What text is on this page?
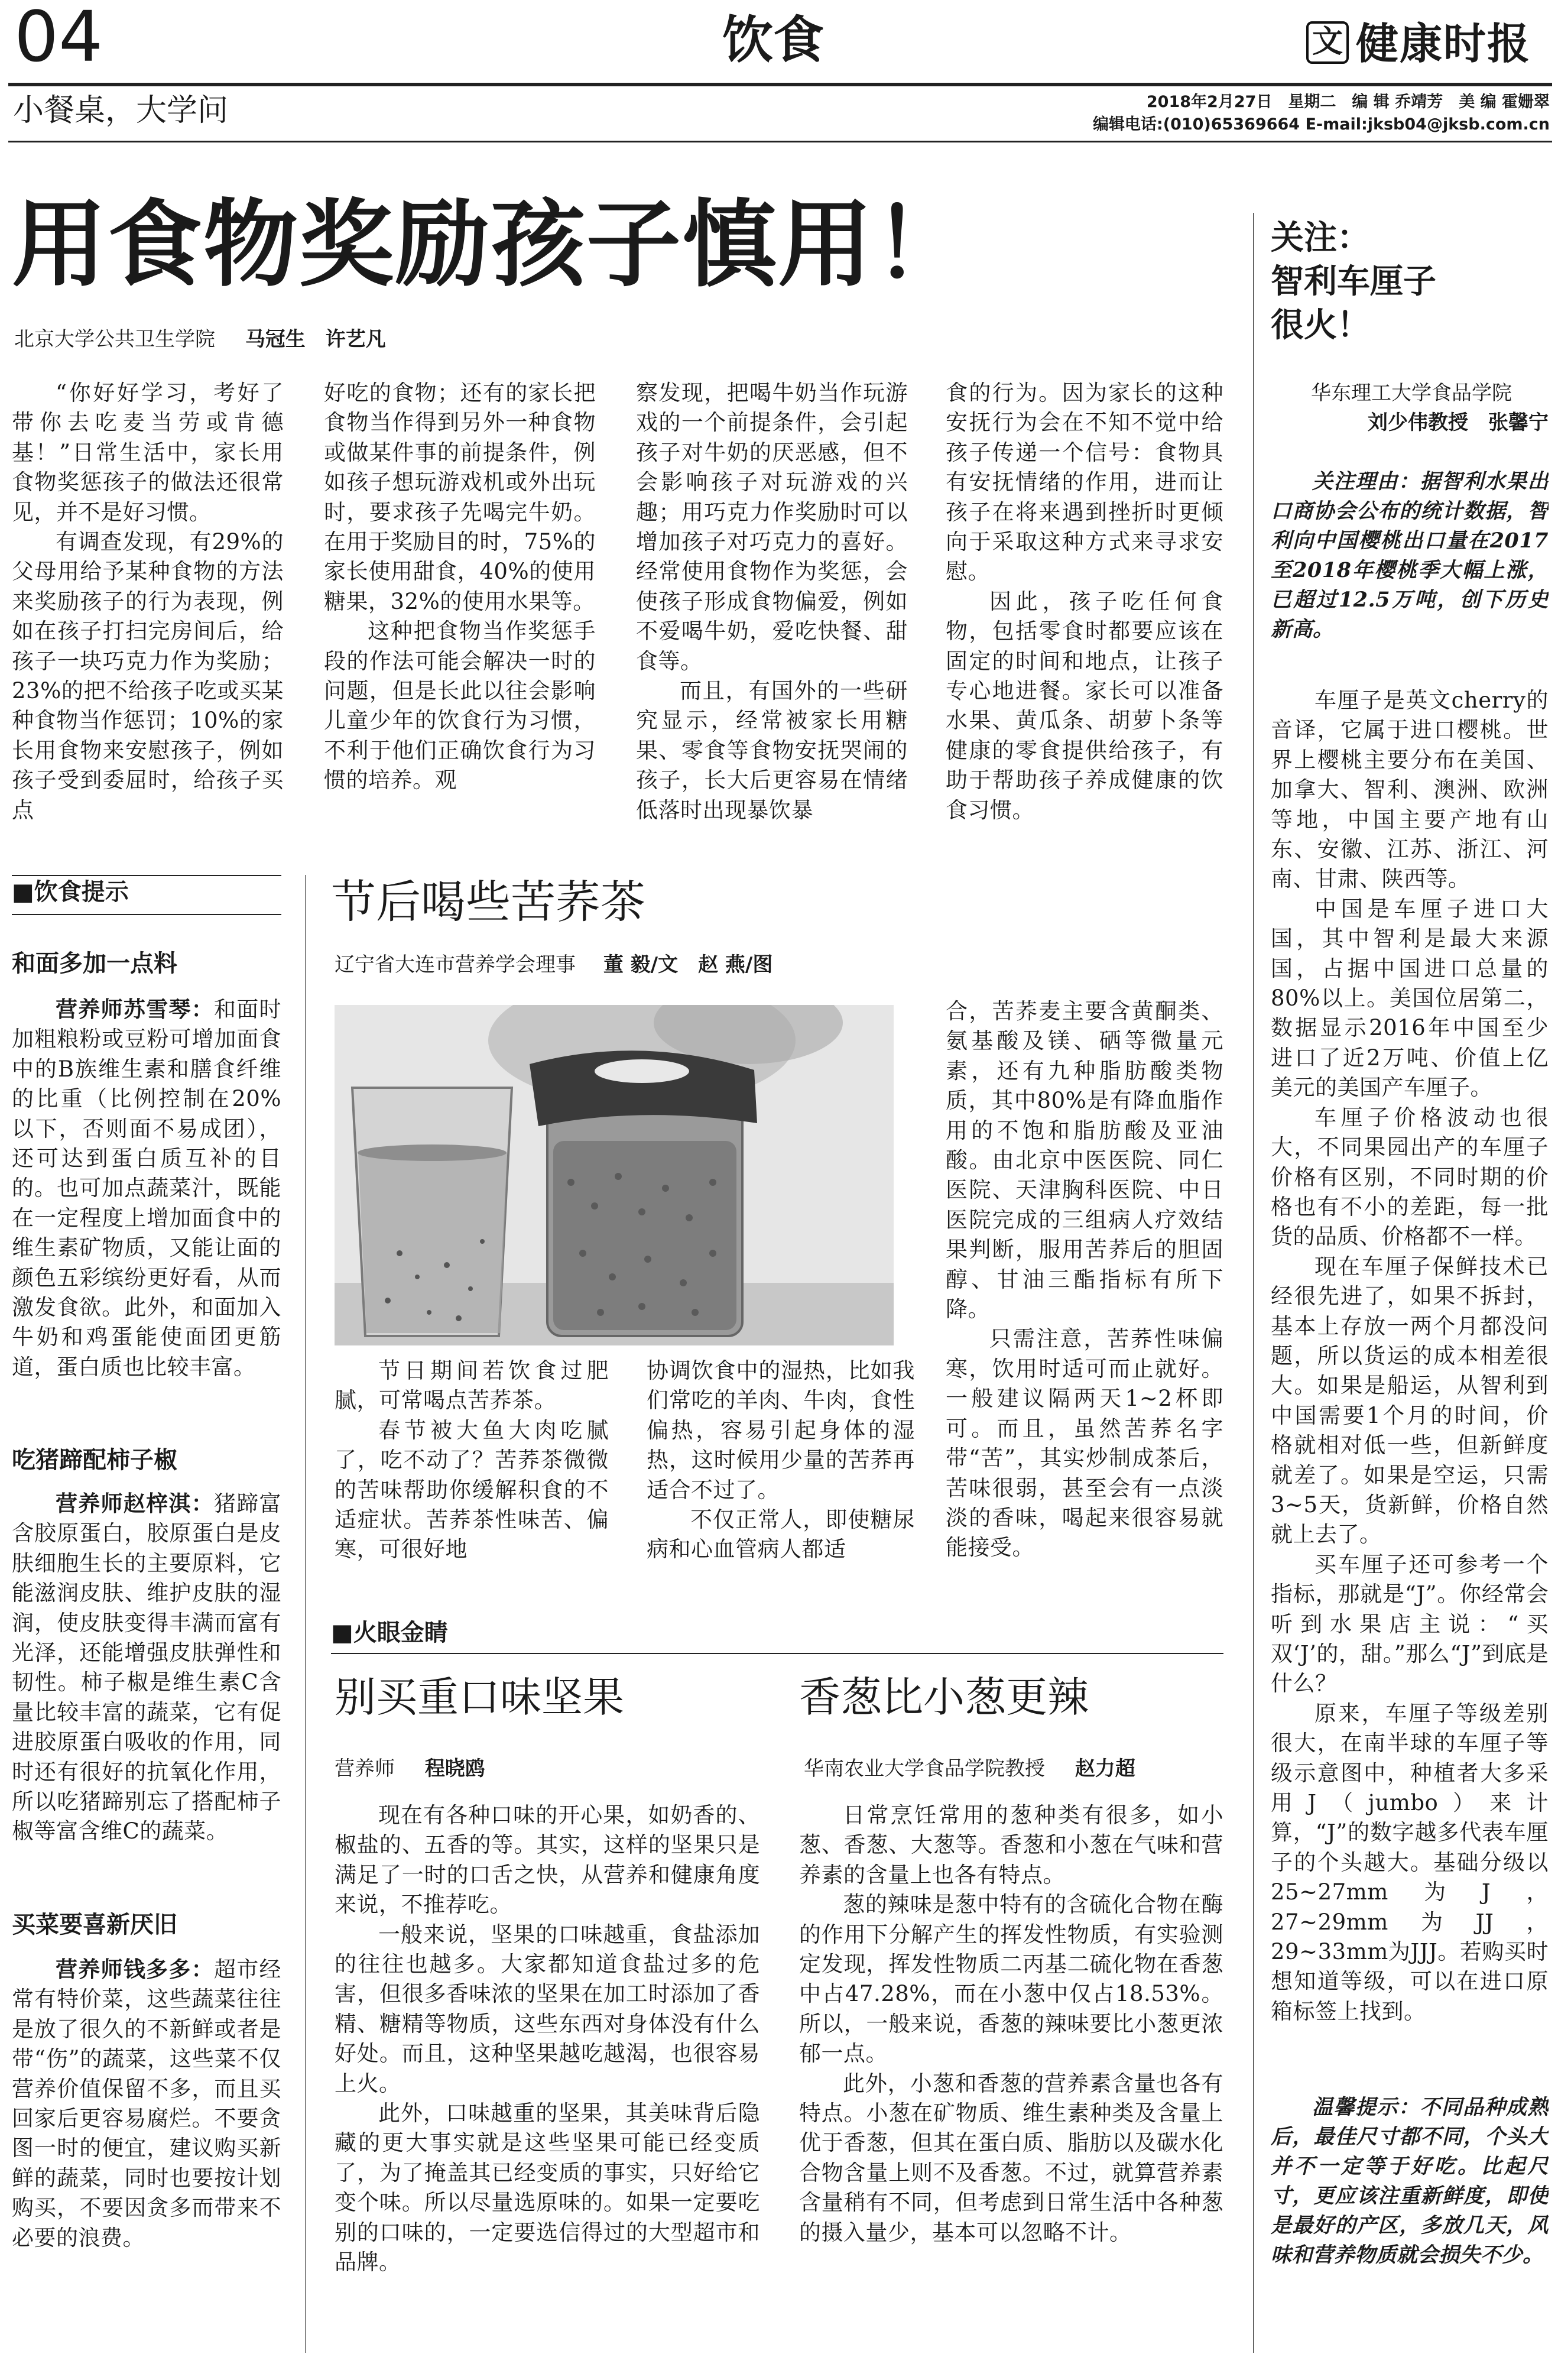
04	饮食	文 健康时报
小餐桌，大学问	2018年2月27日　星期二　编 辑 乔靖芳　美 编 霍姗翠
编辑电话:(010)65369664 E-mail:jksb04@jksb.com.cn
用食物奖励孩子慎用！
北京大学公共卫生学院 马冠生　许艺凡

“你好好学习，考好了带你去吃麦当劳或肯德基！”日常生活中，家长用食物奖惩孩子的做法还很常见，并不是好习惯。

有调查发现，有29%的父母用给予某种食物的方法来奖励孩子的行为表现，例如在孩子打扫完房间后，给孩子一块巧克力作为奖励；23%的把不给孩子吃或买某种食物当作惩罚；10%的家长用食物来安慰孩子，例如孩子受到委屈时，给孩子买点

好吃的食物；还有的家长把食物当作得到另外一种食物或做某件事的前提条件，例如孩子想玩游戏机或外出玩时，要求孩子先喝完牛奶。在用于奖励目的时，75%的家长使用甜食，40%的使用糖果，32%的使用水果等。

这种把食物当作奖惩手段的作法可能会解决一时的问题，但是长此以往会影响儿童少年的饮食行为习惯，不利于他们正确饮食行为习惯的培养。观

察发现，把喝牛奶当作玩游戏的一个前提条件，会引起孩子对牛奶的厌恶感，但不会影响孩子对玩游戏的兴趣；用巧克力作奖励时可以增加孩子对巧克力的喜好。经常使用食物作为奖惩，会使孩子形成食物偏爱，例如不爱喝牛奶，爱吃快餐、甜食等。

而且，有国外的一些研究显示，经常被家长用糖果、零食等食物安抚哭闹的孩子，长大后更容易在情绪低落时出现暴饮暴

食的行为。因为家长的这种安抚行为会在不知不觉中给孩子传递一个信号：食物具有安抚情绪的作用，进而让孩子在将来遇到挫折时更倾向于采取这种方式来寻求安慰。

因此，孩子吃任何食物，包括零食时都要应该在固定的时间和地点，让孩子专心地进餐。家长可以准备水果、黄瓜条、胡萝卜条等健康的零食提供给孩子，有助于帮助孩子养成健康的饮食习惯。

■饮食提示
和面多加一点料

营养师苏雪琴：和面时加粗粮粉或豆粉可增加面食中的B族维生素和膳食纤维的比重（比例控制在20%以下，否则面不易成团），还可达到蛋白质互补的目的。也可加点蔬菜汁，既能在一定程度上增加面食中的维生素矿物质，又能让面的颜色五彩缤纷更好看，从而激发食欲。此外，和面加入牛奶和鸡蛋能使面团更筋道，蛋白质也比较丰富。

吃猪蹄配柿子椒

营养师赵梓淇：猪蹄富含胶原蛋白，胶原蛋白是皮肤细胞生长的主要原料，它能滋润皮肤、维护皮肤的湿润，使皮肤变得丰满而富有光泽，还能增强皮肤弹性和韧性。柿子椒是维生素C含量比较丰富的蔬菜，它有促进胶原蛋白吸收的作用，同时还有很好的抗氧化作用，所以吃猪蹄别忘了搭配柿子椒等富含维C的蔬菜。

买菜要喜新厌旧

营养师钱多多：超市经常有特价菜，这些蔬菜往往是放了很久的不新鲜或者是带“伤”的蔬菜，这些菜不仅营养价值保留不多，而且买回家后更容易腐烂。不要贪图一时的便宜，建议购买新鲜的蔬菜，同时也要按计划购买，不要因贪多而带来不必要的浪费。

节后喝些苦荞茶
辽宁省大连市营养学会理事 董 毅/文　赵 燕/图

节日期间若饮食过肥腻，可常喝点苦荞茶。

春节被大鱼大肉吃腻了，吃不动了？苦荞茶微微的苦味帮助你缓解积食的不适症状。苦荞茶性味苦、偏寒，可很好地

协调饮食中的湿热，比如我们常吃的羊肉、牛肉，食性偏热，容易引起身体的湿热，这时候用少量的苦荞再适合不过了。

不仅正常人，即使糖尿病和心血管病人都适

合，苦荞麦主要含黄酮类、氨基酸及镁、硒等微量元素，还有九种脂肪酸类物质，其中80%是有降血脂作用的不饱和脂肪酸及亚油酸。由北京中医医院、同仁医院、天津胸科医院、中日医院完成的三组病人疗效结果判断，服用苦荞后的胆固醇、甘油三酯指标有所下降。

只需注意，苦荞性味偏寒，饮用时适可而止就好。一般建议隔两天1~2杯即可。而且，虽然苦荞名字带“苦”，其实炒制成茶后，苦味很弱，甚至会有一点淡淡的香味，喝起来很容易就能接受。

■火眼金睛
别买重口味坚果
营养师 程晓鸥

现在有各种口味的开心果，如奶香的、椒盐的、五香的等。其实，这样的坚果只是满足了一时的口舌之快，从营养和健康角度来说，不推荐吃。

一般来说，坚果的口味越重，食盐添加的往往也越多。大家都知道食盐过多的危害，但很多香味浓的坚果在加工时添加了香精、糖精等物质，这些东西对身体没有什么好处。而且，这种坚果越吃越渴，也很容易上火。

此外，口味越重的坚果，其美味背后隐藏的更大事实就是这些坚果可能已经变质了，为了掩盖其已经变质的事实，只好给它变个味。所以尽量选原味的。如果一定要吃别的口味的，一定要选信得过的大型超市和品牌。

香葱比小葱更辣
华南农业大学食品学院教授 赵力超

日常烹饪常用的葱种类有很多，如小葱、香葱、大葱等。香葱和小葱在气味和营养素的含量上也各有特点。

葱的辣味是葱中特有的含硫化合物在酶的作用下分解产生的挥发性物质，有实验测定发现，挥发性物质二丙基二硫化物在香葱中占47.28%，而在小葱中仅占18.53%。所以，一般来说，香葱的辣味要比小葱更浓郁一点。

此外，小葱和香葱的营养素含量也各有特点。小葱在矿物质、维生素种类及含量上优于香葱，但其在蛋白质、脂肪以及碳水化合物含量上则不及香葱。不过，就算营养素含量稍有不同，但考虑到日常生活中各种葱的摄入量少，基本可以忽略不计。

关注：
智利车厘子
很火！
华东理工大学食品学院
刘少伟教授　张馨宁

关注理由：据智利水果出口商协会公布的统计数据，智利向中国樱桃出口量在2017至2018年樱桃季大幅上涨，已超过12.5万吨，创下历史新高。

车厘子是英文cherry的音译，它属于进口樱桃。世界上樱桃主要分布在美国、加拿大、智利、澳洲、欧洲等地，中国主要产地有山东、安徽、江苏、浙江、河南、甘肃、陕西等。

中国是车厘子进口大国，其中智利是最大来源国，占据中国进口总量的80%以上。美国位居第二，数据显示2016年中国至少进口了近2万吨、价值上亿美元的美国产车厘子。

车厘子价格波动也很大，不同果园出产的车厘子价格有区别，不同时期的价格也有不小的差距，每一批货的品质、价格都不一样。

现在车厘子保鲜技术已经很先进了，如果不拆封，基本上存放一两个月都没问题，所以货运的成本相差很大。如果是船运，从智利到中国需要1个月的时间，价格就相对低一些，但新鲜度就差了。如果是空运，只需3~5天，货新鲜，价格自然就上去了。

买车厘子还可参考一个指标，那就是“J”。你经常会听到水果店主说：“买双‘J’的，甜。”那么“J”到底是什么？

原来，车厘子等级差别很大，在南半球的车厘子等级示意图中，种植者大多采用J（jumbo）来计算，“J”的数字越多代表车厘子的个头越大。基础分级以25~27mm为J，27~29mm为JJ，29~33mm为JJJ。若购买时想知道等级，可以在进口原箱标签上找到。

温馨提示：不同品种成熟后，最佳尺寸都不同，个头大并不一定等于好吃。比起尺寸，更应该注重新鲜度，即使是最好的产区，多放几天，风味和营养物质就会损失不少。
